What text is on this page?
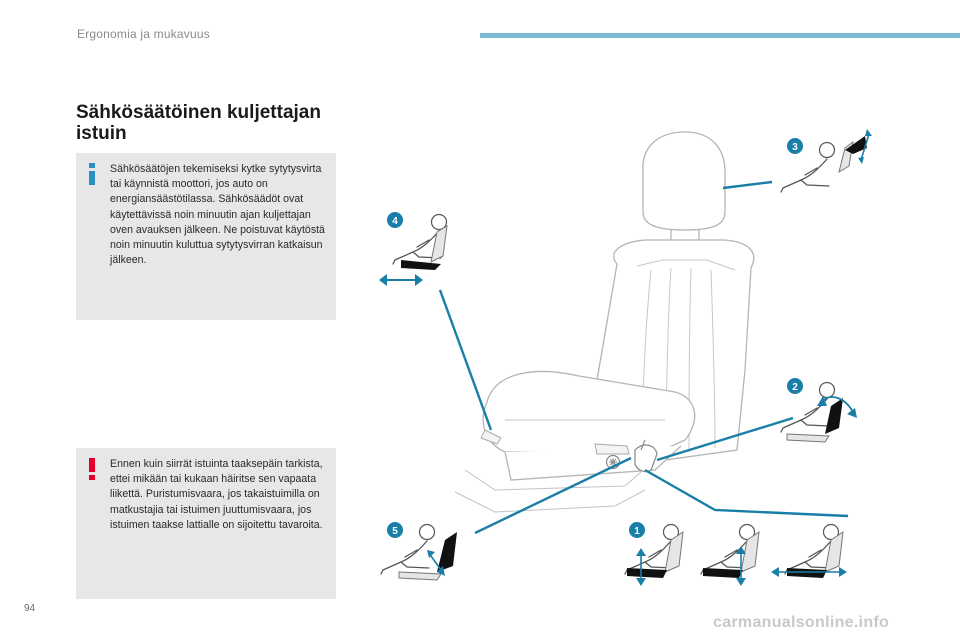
Ergonomia ja mukavuus
Sähkösäätöinen kuljettajan istuin

Sähkösäätöjen tekemiseksi kytke sytytysvirta tai käynnistä moottori, jos auto on energiansäästötilassa. Sähkösäädöt ovat käytettävissä noin minuutin ajan kuljettajan oven avauksen jälkeen. Ne poistuvat käytöstä noin minuutin kuluttua sytytysvirran katkaisun jälkeen.

Ennen kuin siirrät istuinta taaksepäin tarkista, ettei mikään tai kukaan häiritse sen vapaata liikettä. Puristumisvaara, jos takaistuimilla on matkustajia tai istuimen juuttumisvaara, jos istuimen taakse lattialle on sijoitettu tavaroita.

3
4
2
5	1
94
carmanualsonline.info
